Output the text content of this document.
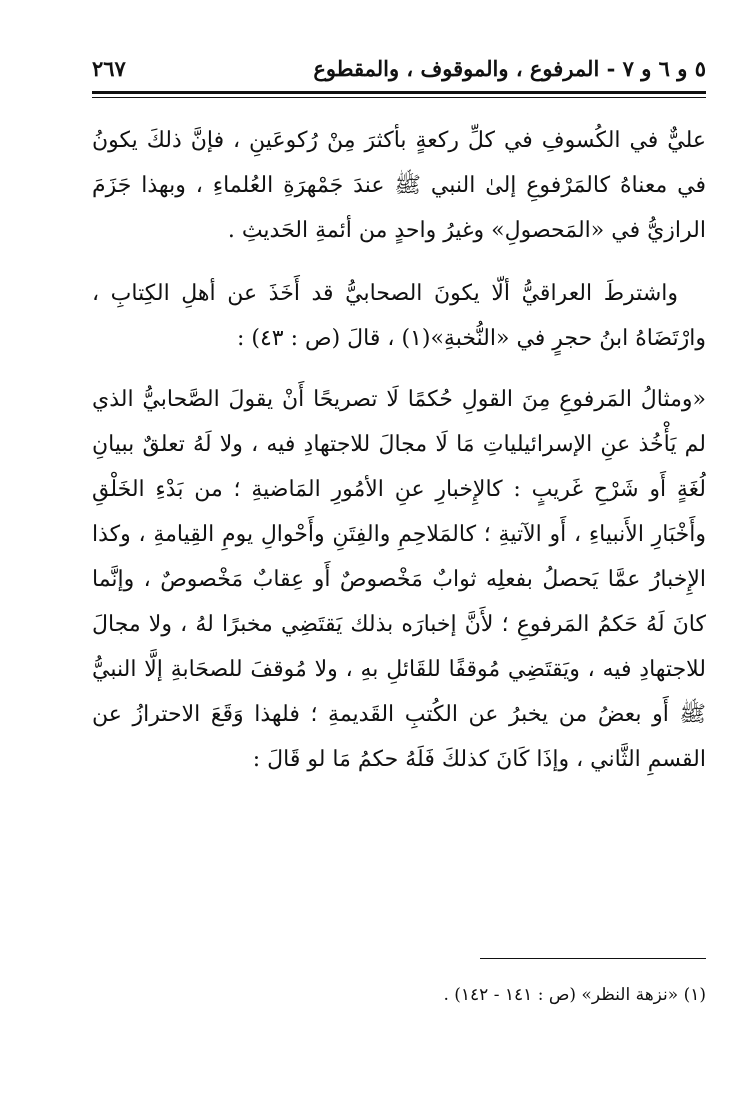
٥ و ٦ و ٧ - المرفوع ، والموقوف ، والمقطوع
٢٦٧

عليٌّ في الكُسوفِ في كلِّ ركعةٍ بأكثرَ مِنْ رُكوعَينِ ، فإنَّ ذلكَ يكونُ في معناهُ كالمَرْفوعِ إلىٰ النبي ﷺ عندَ جَمْهرَةِ العُلماءِ ، وبهذا جَزَمَ الرازيُّ في «المَحصولِ» وغيرُ واحدٍ من أئمةِ الحَديثِ .

واشترطَ العراقيُّ ألّا يكونَ الصحابيُّ قد أَخَذَ عن أهلِ الكِتابِ ، وارْتَضَاهُ ابنُ حجرٍ في «النُّخبةِ»(١) ، قالَ (ص : ٤٣) :

«ومثالُ المَرفوعِ مِنَ القولِ حُكمًا لَا تصريحًا أَنْ يقولَ الصَّحابيُّ الذي لم يَأْخُذ عنِ الإسرائيلياتِ مَا لَا مجالَ للاجتهادِ فيه ، ولا لَهُ تعلقٌ ببيانِ لُغَةٍ أَو شَرْحِ غَريبٍ : كالإِخبارِ عنِ الأمُورِ المَاضيةِ ؛ من بَدْءِ الخَلْقِ وأَخْبَارِ الأَنبياءِ ، أَو الآتيةِ ؛ كالمَلاحِمِ والفِتَنِ وأَحْوالِ يومِ القِيامةِ ، وكذا الإِخبارُ عمَّا يَحصلُ بفعلِه ثوابٌ مَخْصوصٌ أَو عِقابٌ مَخْصوصٌ ، وإنَّما كانَ لَهُ حَكمُ المَرفوعِ ؛ لأَنَّ إخبارَه بذلك يَقتَضِي مخبرًا لهُ ، ولا مجالَ للاجتهادِ فيه ، ويَقتَضِي مُوقفًا للقَائلِ بهِ ، ولا مُوقفَ للصحَابةِ إلَّا النبيُّ ﷺ أَو بعضُ من يخبرُ عن الكُتبِ القَديمةِ ؛ فلهذا وَقَعَ الاحترازُ عن القسمِ الثَّاني ، وإذَا كَانَ كذلكَ فَلَهُ حكمُ مَا لو قَالَ :

(١) «نزهة النظر» (ص : ١٤١ - ١٤٢) .
